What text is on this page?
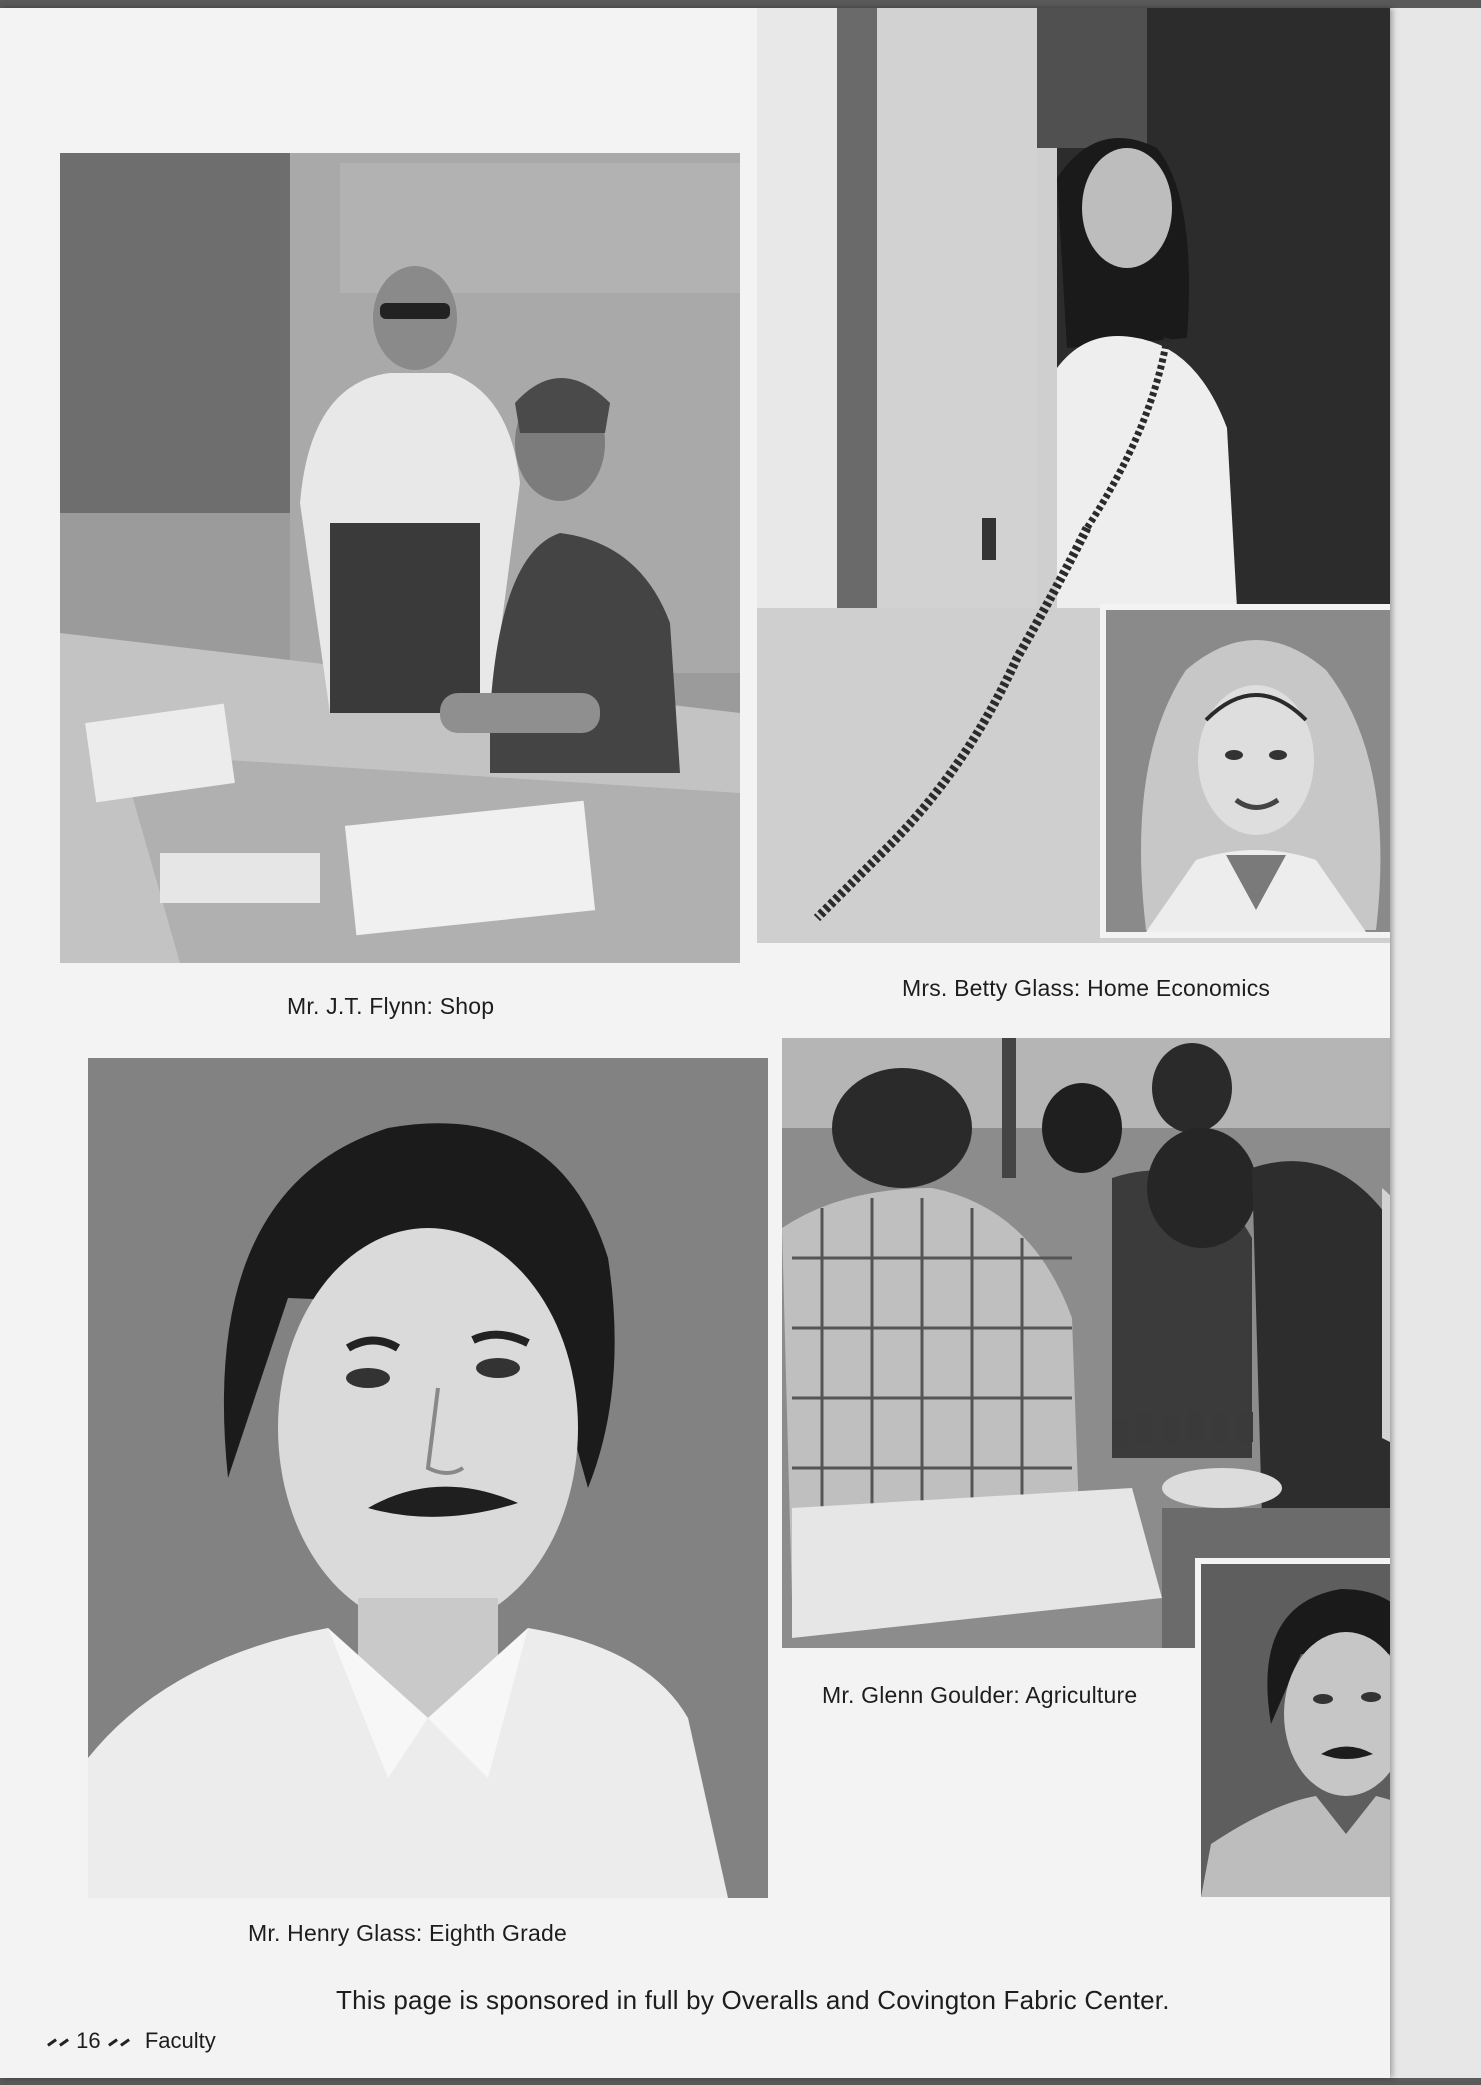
Mr. J.T. Flynn: Shop
Mrs. Betty Glass: Home Economics
Mr. Glenn Goulder: Agriculture
Mr. Henry Glass: Eighth Grade
This page is sponsored in full by Overalls and Covington Fabric Center.
16 Faculty
